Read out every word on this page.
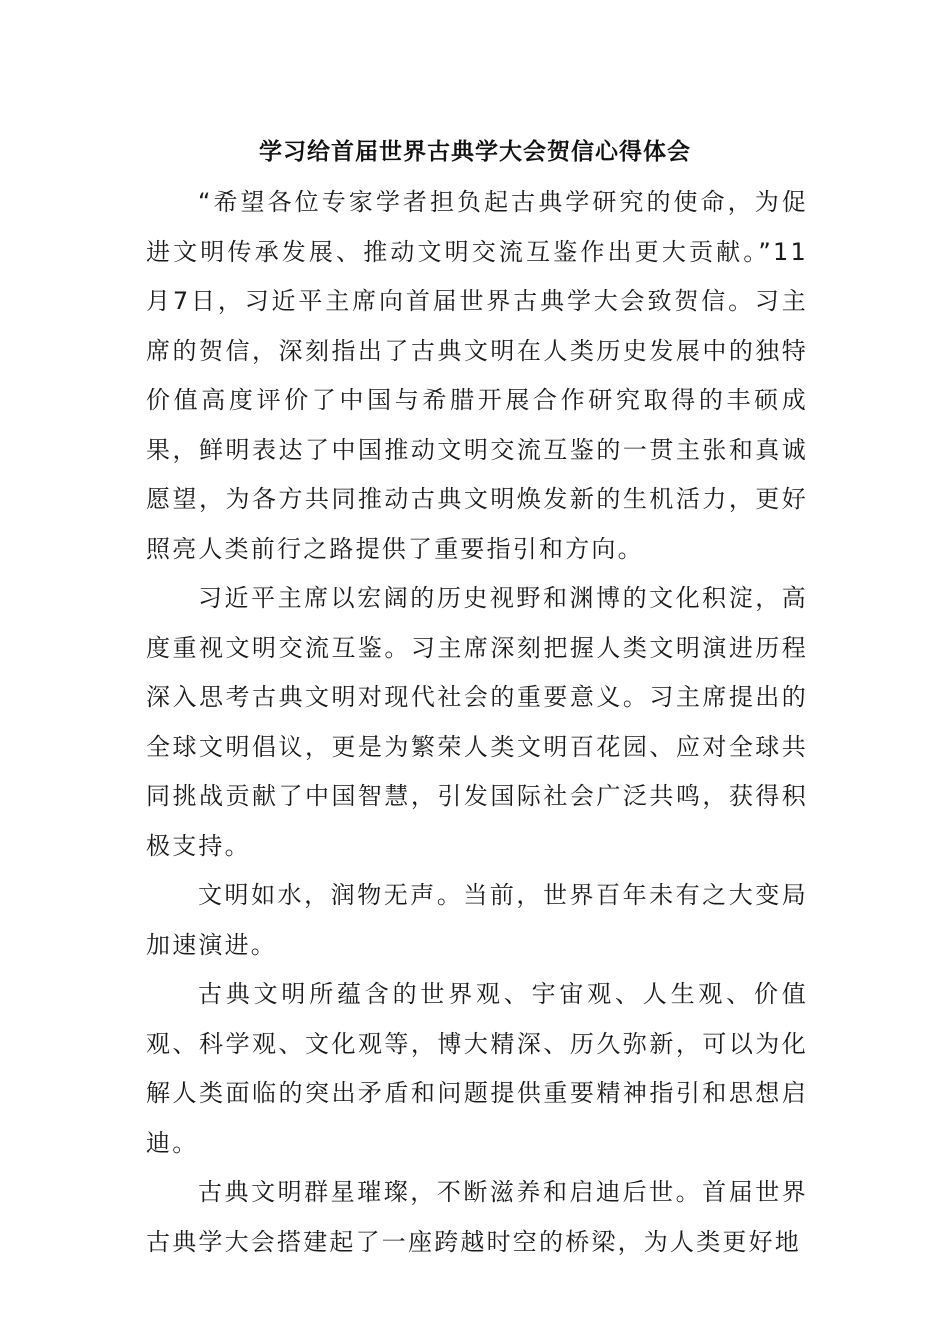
学习给首届世界古典学大会贺信心得体会

“希望各位专家学者担负起古典学研究的使命，为促进文明传承发展、推动文明交流互鉴作出更大贡献。”11月7日，习近平主席向首届世界古典学大会致贺信。习主席的贺信，深刻指出了古典文明在人类历史发展中的独特价值高度评价了中国与希腊开展合作研究取得的丰硕成果，鲜明表达了中国推动文明交流互鉴的一贯主张和真诚愿望，为各方共同推动古典文明焕发新的生机活力，更好照亮人类前行之路提供了重要指引和方向。

习近平主席以宏阔的历史视野和渊博的文化积淀，高度重视文明交流互鉴。习主席深刻把握人类文明演进历程深入思考古典文明对现代社会的重要意义。习主席提出的全球文明倡议，更是为繁荣人类文明百花园、应对全球共同挑战贡献了中国智慧，引发国际社会广泛共鸣，获得积极支持。

文明如水，润物无声。当前，世界百年未有之大变局加速演进。

古典文明所蕴含的世界观、宇宙观、人生观、价值观、科学观、文化观等，博大精深、历久弥新，可以为化解人类面临的突出矛盾和问题提供重要精神指引和思想启迪。

古典文明群星璀璨，不断滋养和启迪后世。首届世界古典学大会搭建起了一座跨越时空的桥梁，为人类更好地
